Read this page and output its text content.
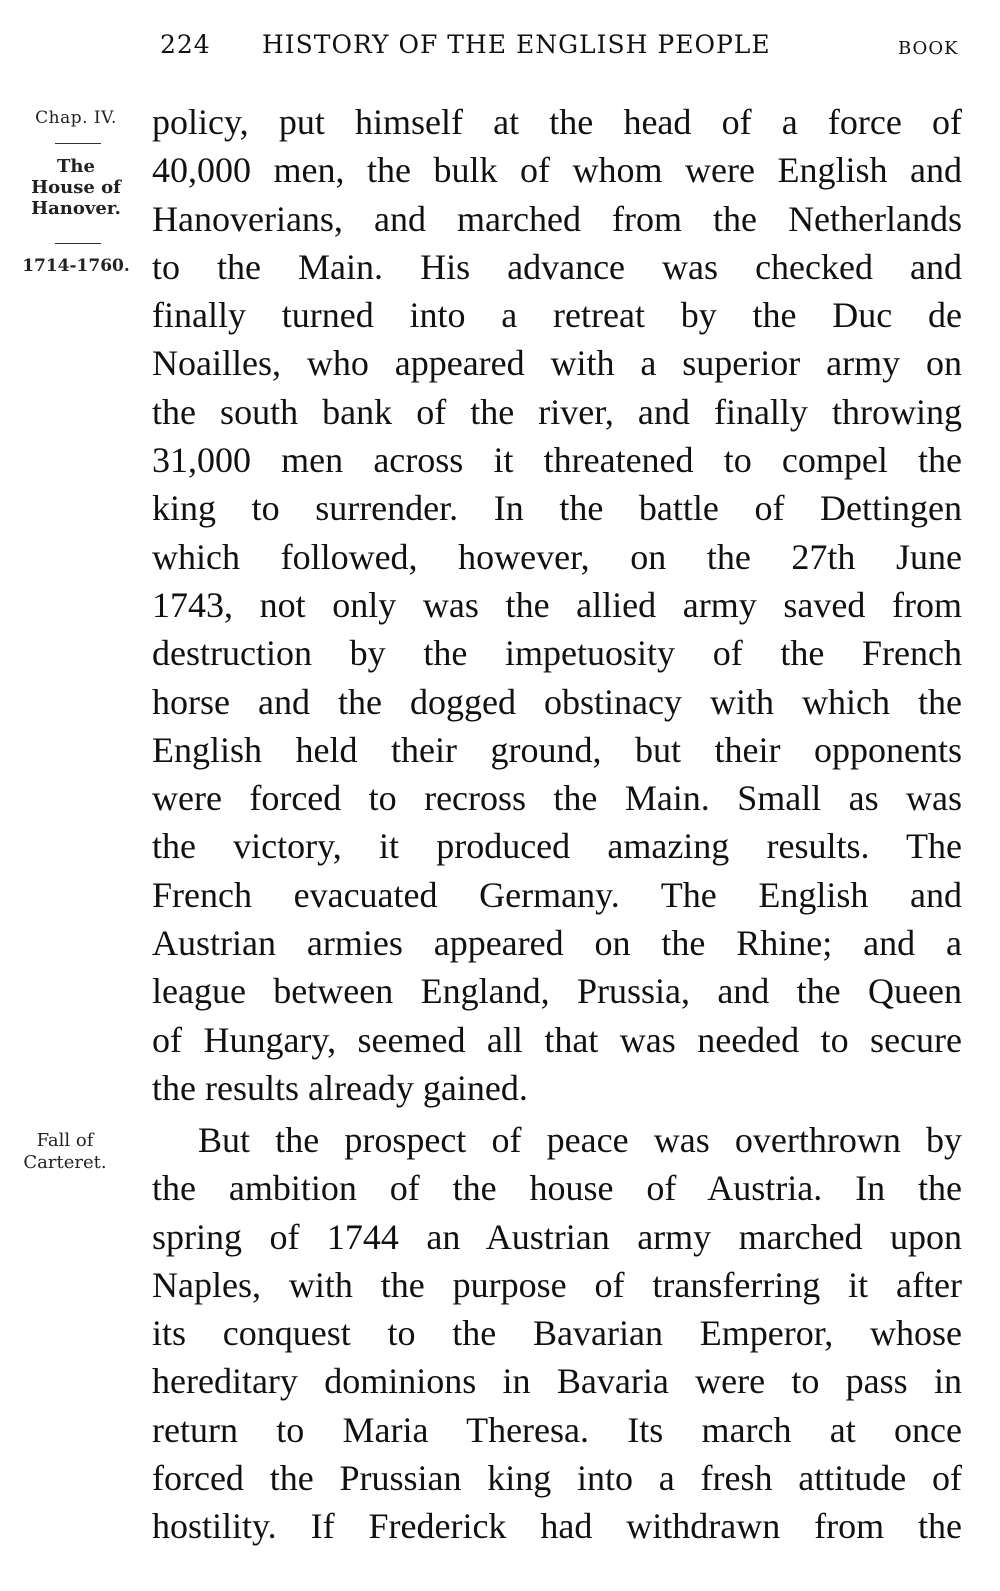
224 HISTORY OF THE ENGLISH PEOPLE	BOOK
Chap. IV.
The
House of
Hanover.
1714-1760.
Fall of
Carteret.
policy, put himself at the head of a force of
40,000 men, the bulk of whom were English and
Hanoverians, and marched from the Netherlands
to the Main. His advance was checked and
finally turned into a retreat by the Duc de
Noailles, who appeared with a superior army on
the south bank of the river, and finally throwing
31,000 men across it threatened to compel the
king to surrender. In the battle of Dettingen
which followed, however, on the 27th June
1743, not only was the allied army saved from
destruction by the impetuosity of the French
horse and the dogged obstinacy with which the
English held their ground, but their opponents
were forced to recross the Main. Small as was
the victory, it produced amazing results. The
French evacuated Germany. The English and
Austrian armies appeared on the Rhine; and a
league between England, Prussia, and the Queen
of Hungary, seemed all that was needed to secure
the results already gained.
But the prospect of peace was overthrown by
the ambition of the house of Austria. In the
spring of 1744 an Austrian army marched upon
Naples, with the purpose of transferring it after
its conquest to the Bavarian Emperor, whose
hereditary dominions in Bavaria were to pass in
return to Maria Theresa. Its march at once
forced the Prussian king into a fresh attitude of
hostility. If Frederick had withdrawn from the
